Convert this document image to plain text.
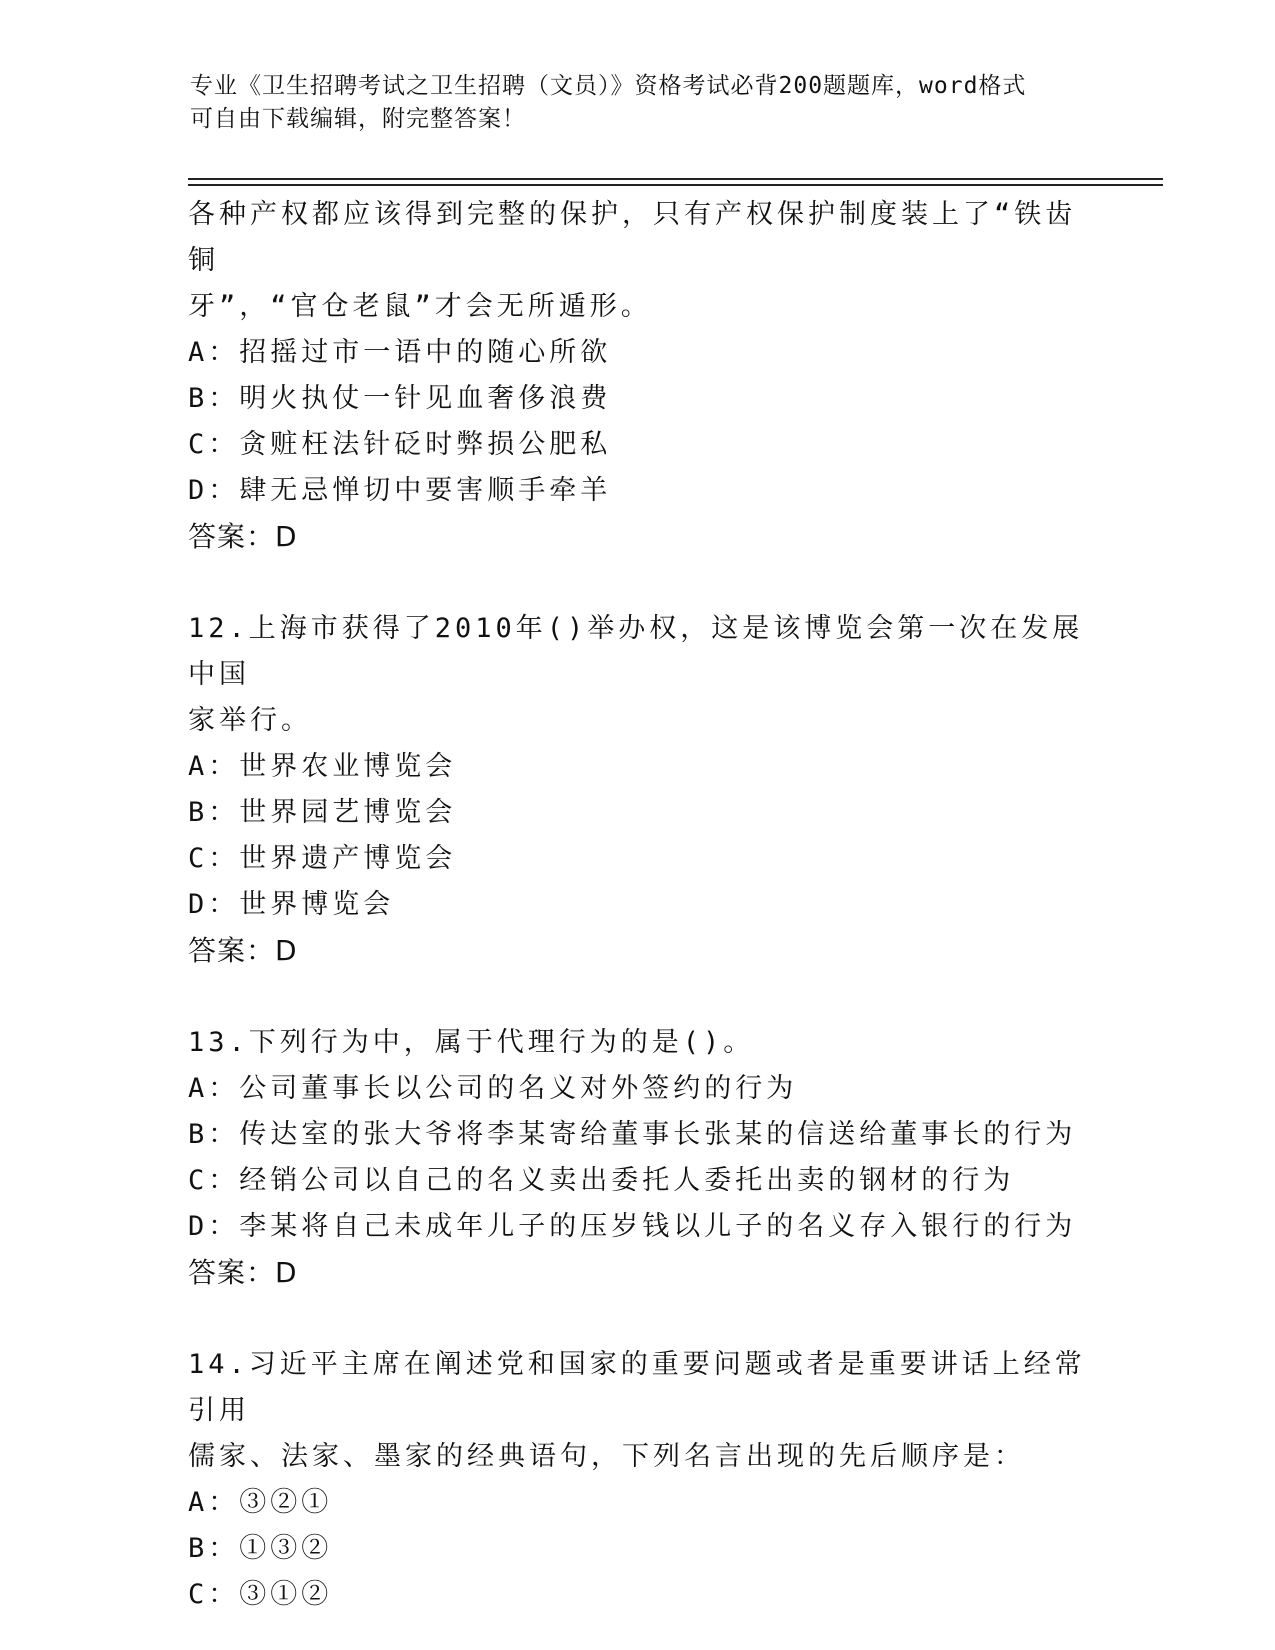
专业《卫生招聘考试之卫生招聘（文员）》资格考试必背200题题库，word格式
可自由下载编辑，附完整答案！

各种产权都应该得到完整的保护，只有产权保护制度装上了“铁齿铜

牙”，“官仓老鼠”才会无所遁形。

A：招摇过市一语中的随心所欲

B：明火执仗一针见血奢侈浪费

C：贪赃枉法针砭时弊损公肥私

D：肆无忌惮切中要害顺手牵羊

答案：D

12.上海市获得了2010年()举办权，这是该博览会第一次在发展中国

家举行。

A：世界农业博览会

B：世界园艺博览会

C：世界遗产博览会

D：世界博览会

答案：D

13.下列行为中，属于代理行为的是()。

A：公司董事长以公司的名义对外签约的行为

B：传达室的张大爷将李某寄给董事长张某的信送给董事长的行为

C：经销公司以自己的名义卖出委托人委托出卖的钢材的行为

D：李某将自己未成年儿子的压岁钱以儿子的名义存入银行的行为

答案：D

14.习近平主席在阐述党和国家的重要问题或者是重要讲话上经常引用

儒家、法家、墨家的经典语句，下列名言出现的先后顺序是：

A：③②①

B：①③②

C：③①②
